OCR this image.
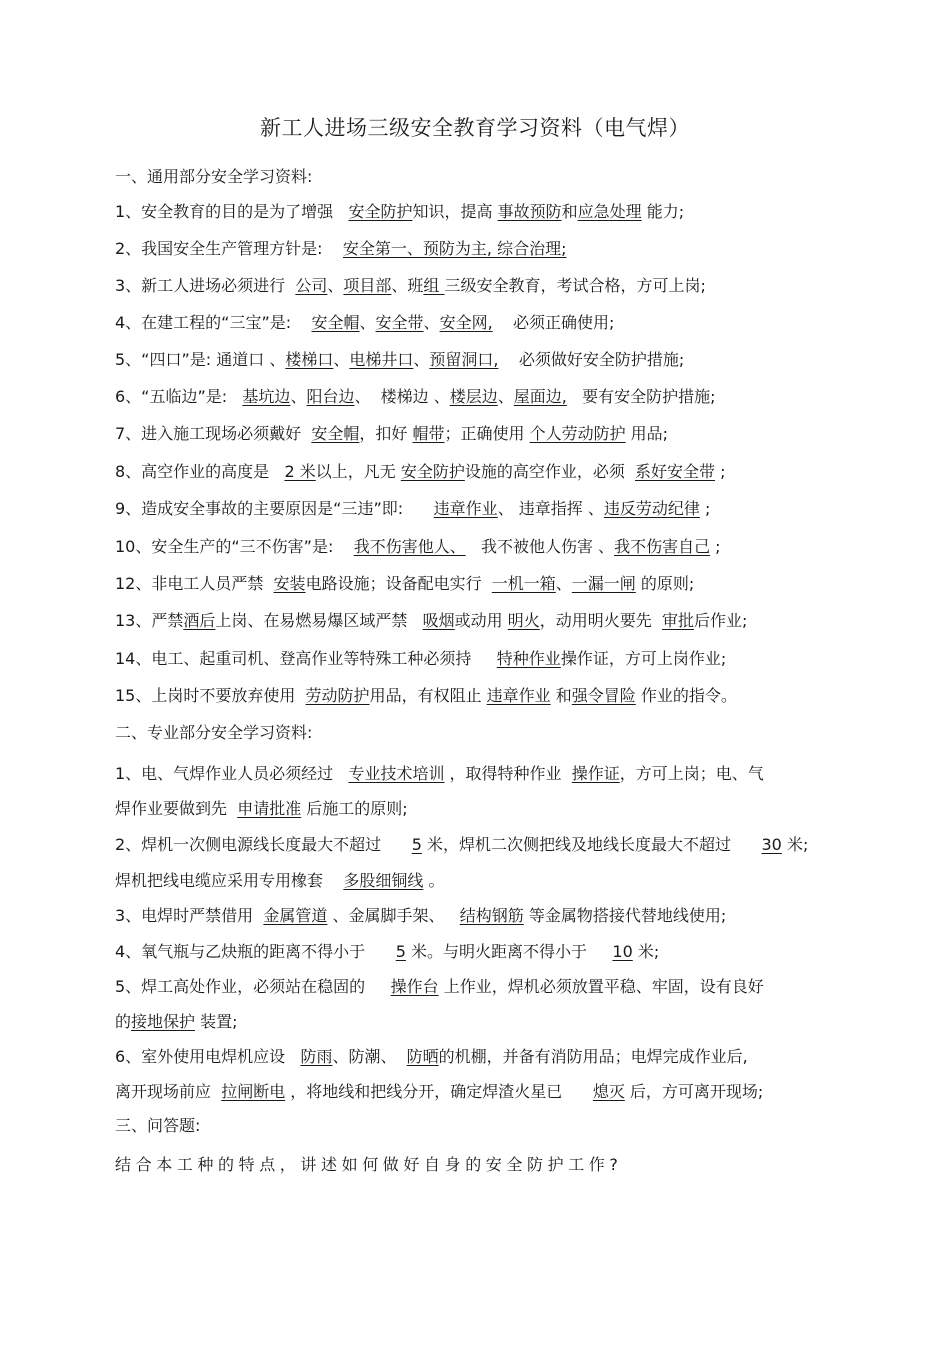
新工人进场三级安全教育学习资料（电气焊）
一、通用部分安全学习资料:
1、安全教育的目的是为了增强   安全防护知识，提高 事故预防和应急处理 能力;
2、我国安全生产管理方针是:    安全第一、预防为主, 综合治理;
3、新工人进场必须进行  公司、项目部、班组 三级安全教育，考试合格，方可上岗;
4、在建工程的“三宝”是:    安全帽、安全带、安全网,    必须正确使用;
5、“四口”是: 通道口 、楼梯口、电梯井口、预留洞口,    必须做好安全防护措施;
6、“五临边”是:   基坑边、阳台边、  楼梯边 、楼层边、屋面边,   要有安全防护措施;
7、进入施工现场必须戴好  安全帽，扣好 帽带；正确使用 个人劳动防护 用品;
8、高空作业的高度是   2 米以上，凡无 安全防护设施的高空作业，必须  系好安全带 ;
9、造成安全事故的主要原因是“三违”即:      违章作业、 违章指挥 、违反劳动纪律 ;
10、安全生产的“三不伤害”是:    我不伤害他人、   我不被他人伤害 、我不伤害自己 ;
12、非电工人员严禁  安装电路设施；设备配电实行  一机一箱、一漏一闸 的原则;
13、严禁酒后上岗、在易燃易爆区域严禁   吸烟或动用 明火，动用明火要先  审批后作业;
14、电工、起重司机、登高作业等特殊工种必须持     特种作业操作证，方可上岗作业;
15、上岗时不要放弃使用  劳动防护用品，有权阻止 违章作业 和强令冒险 作业的指令。
二、专业部分安全学习资料:
1、电、气焊作业人员必须经过   专业技术培训 ，取得特种作业  操作证，方可上岗；电、气
焊作业要做到先  申请批准 后施工的原则;
2、焊机一次侧电源线长度最大不超过      5 米，焊机二次侧把线及地线长度最大不超过      30 米;
焊机把线电缆应采用专用橡套    多股细铜线 。
3、电焊时严禁借用  金属管道 、金属脚手架、   结构钢筋 等金属物搭接代替地线使用;
4、氧气瓶与乙炔瓶的距离不得小于      5 米。与明火距离不得小于     10 米;
5、焊工高处作业，必须站在稳固的     操作台 上作业，焊机必须放置平稳、牢固，设有良好
的接地保护 装置;
6、室外使用电焊机应设   防雨、防潮、  防晒的机棚，并备有消防用品；电焊完成作业后,
离开现场前应  拉闸断电 ，将地线和把线分开，确定焊渣火星已      熄灭 后，方可离开现场;
三、问答题:
结合本工种的特点，讲述如何做好自身的安全防护工作?
